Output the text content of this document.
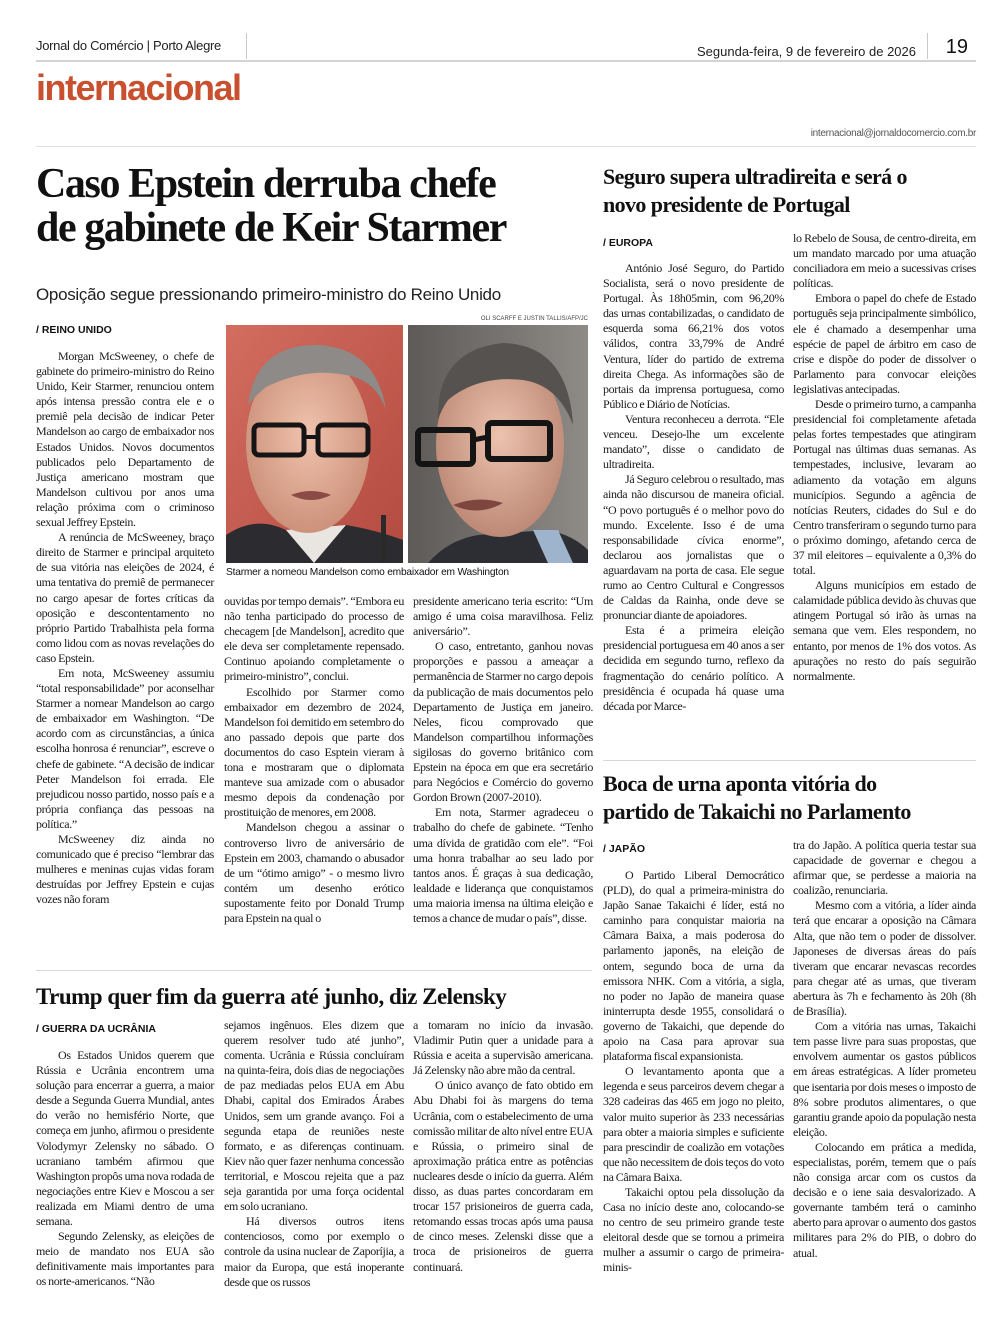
Jornal do Comércio | Porto Alegre	Segunda-feira, 9 de fevereiro de 2026 19
internacional
internacional@jornaldocomercio.com.br
Caso Epstein derruba chefe
de gabinete de Keir Starmer
Oposição segue pressionando primeiro-ministro do Reino Unido
/ REINO UNIDO
OLI SCARFF E JUSTIN TALLIS/AFP/JC
Starmer a nomeou Mandelson como embaixador em Washington

Morgan McSweeney, o chefe de gabinete do primeiro-ministro do Reino Unido, Keir Starmer, renunciou ontem após intensa pressão contra ele e o premiê pela decisão de indicar Peter Mandelson ao cargo de embaixador nos Estados Unidos. Novos documentos publicados pelo Departamento de Justiça americano mostram que Mandelson cultivou por anos uma relação próxima com o criminoso sexual Jeffrey Epstein.

A renúncia de McSweeney, braço direito de Starmer e principal arquiteto de sua vitória nas eleições de 2024, é uma tentativa do premiê de permanecer no cargo apesar de fortes críticas da oposição e descontentamento no próprio Partido Trabalhista pela forma como lidou com as novas revelações do caso Epstein.

Em nota, McSweeney assumiu “total responsabilidade” por aconselhar Starmer a nomear Mandelson ao cargo de embaixador em Washington. “De acordo com as circunstâncias, a única escolha honrosa é renunciar”, escreve o chefe de gabinete. “A decisão de indicar Peter Mandelson foi errada. Ele prejudicou nosso partido, nosso país e a própria confiança das pessoas na política.”

McSweeney diz ainda no comunicado que é preciso “lembrar das mulheres e meninas cujas vidas foram destruídas por Jeffrey Epstein e cujas vozes não foram

ouvidas por tempo demais”. “Embora eu não tenha participado do processo de checagem [de Mandelson], acredito que ele deva ser completamente repensado. Continuo apoiando completamente o primeiro-ministro”, conclui.

Escolhido por Starmer como embaixador em dezembro de 2024, Mandelson foi demitido em setembro do ano passado depois que parte dos documentos do caso Esptein vieram à tona e mostraram que o diplomata manteve sua amizade com o abusador mesmo depois da condenação por prostituição de menores, em 2008.

Mandelson chegou a assinar o controverso livro de aniversário de Epstein em 2003, chamando o abusador de um “ótimo amigo” - o mesmo livro contém um desenho erótico supostamente feito por Donald Trump para Epstein na qual o

presidente americano teria escrito: “Um amigo é uma coisa maravilhosa. Feliz aniversário”.

O caso, entretanto, ganhou novas proporções e passou a ameaçar a permanência de Starmer no cargo depois da publicação de mais documentos pelo Departamento de Justiça em janeiro. Neles, ficou comprovado que Mandelson compartilhou informações sigilosas do governo britânico com Epstein na época em que era secretário para Negócios e Comércio do governo Gordon Brown (2007-2010).

Em nota, Starmer agradeceu o trabalho do chefe de gabinete. “Tenho uma dívida de gratidão com ele”. “Foi uma honra trabalhar ao seu lado por tantos anos. É graças à sua dedicação, lealdade e liderança que conquistamos uma maioria imensa na última eleição e temos a chance de mudar o país”, disse.

Seguro supera ultradireita e será o
novo presidente de Portugal
/ EUROPA

António José Seguro, do Partido Socialista, será o novo presidente de Portugal. Às 18h05min, com 96,20% das urnas contabilizadas, o candidato de esquerda soma 66,21% dos votos válidos, contra 33,79% de André Ventura, líder do partido de extrema direita Chega. As informações são de portais da imprensa portuguesa, como Público e Diário de Notícias.

Ventura reconheceu a derrota. “Ele venceu. Desejo-lhe um excelente mandato”, disse o candidato de ultradireita.

Já Seguro celebrou o resultado, mas ainda não discursou de maneira oficial. “O povo português é o melhor povo do mundo. Excelente. Isso é de uma responsabilidade cívica enorme”, declarou aos jornalistas que o aguardavam na porta de casa. Ele segue rumo ao Centro Cultural e Congressos de Caldas da Rainha, onde deve se pronunciar diante de apoiadores.

Esta é a primeira eleição presidencial portuguesa em 40 anos a ser decidida em segundo turno, reflexo da fragmentação do cenário político. A presidência é ocupada há quase uma década por Marce-

lo Rebelo de Sousa, de centro-direita, em um mandato marcado por uma atuação conciliadora em meio a sucessivas crises políticas.

Embora o papel do chefe de Estado português seja principalmente simbólico, ele é chamado a desempenhar uma espécie de papel de árbitro em caso de crise e dispõe do poder de dissolver o Parlamento para convocar eleições legislativas antecipadas.

Desde o primeiro turno, a campanha presidencial foi completamente afetada pelas fortes tempestades que atingiram Portugal nas últimas duas semanas. As tempestades, inclusive, levaram ao adiamento da votação em alguns municípios. Segundo a agência de notícias Reuters, cidades do Sul e do Centro transferiram o segundo turno para o próximo domingo, afetando cerca de 37 mil eleitores – equivalente a 0,3% do total.

Alguns municípios em estado de calamidade pública devido às chuvas que atingem Portugal só irão às urnas na semana que vem. Eles respondem, no entanto, por menos de 1% dos votos. As apurações no resto do país seguirão normalmente.

Boca de urna aponta vitória do
partido de Takaichi no Parlamento
/ JAPÃO

O Partido Liberal Democrático (PLD), do qual a primeira-ministra do Japão Sanae Takaichi é líder, está no caminho para conquistar maioria na Câmara Baixa, a mais poderosa do parlamento japonês, na eleição de ontem, segundo boca de urna da emissora NHK. Com a vitória, a sigla, no poder no Japão de maneira quase ininterrupta desde 1955, consolidará o governo de Takaichi, que depende do apoio na Casa para aprovar sua plataforma fiscal expansionista.

O levantamento aponta que a legenda e seus parceiros devem chegar a 328 cadeiras das 465 em jogo no pleito, valor muito superior às 233 necessárias para obter a maioria simples e suficiente para prescindir de coalizão em votações que não necessitem de dois teços do voto na Câmara Baixa.

Takaichi optou pela dissolução da Casa no início deste ano, colocando-se no centro de seu primeiro grande teste eleitoral desde que se tornou a primeira mulher a assumir o cargo de primeira-minis-

tra do Japão. A política queria testar sua capacidade de governar e chegou a afirmar que, se perdesse a maioria na coalizão, renunciaria.

Mesmo com a vitória, a líder ainda terá que encarar a oposição na Câmara Alta, que não tem o poder de dissolver. Japoneses de diversas áreas do país tiveram que encarar nevascas recordes para chegar até as urnas, que tiveram abertura às 7h e fechamento às 20h (8h de Brasília).

Com a vitória nas urnas, Takaichi tem passe livre para suas propostas, que envolvem aumentar os gastos públicos em áreas estratégicas. A líder prometeu que isentaria por dois meses o imposto de 8% sobre produtos alimentares, o que garantiu grande apoio da população nesta eleição.

Colocando em prática a medida, especialistas, porém, temem que o país não consiga arcar com os custos da decisão e o iene saia desvalorizado. A governante também terá o caminho aberto para aprovar o aumento dos gastos militares para 2% do PIB, o dobro do atual.

Trump quer fim da guerra até junho, diz Zelensky
/ GUERRA DA UCRÂNIA

Os Estados Unidos querem que Rússia e Ucrânia encontrem uma solução para encerrar a guerra, a maior desde a Segunda Guerra Mundial, antes do verão no hemisfério Norte, que começa em junho, afirmou o presidente Volodymyr Zelensky no sábado. O ucraniano também afirmou que Washington propôs uma nova rodada de negociações entre Kiev e Moscou a ser realizada em Miami dentro de uma semana.

Segundo Zelensky, as eleições de meio de mandato nos EUA são definitivamente mais importantes para os norte-americanos. “Não

sejamos ingênuos. Eles dizem que querem resolver tudo até junho”, comenta. Ucrânia e Rússia concluíram na quinta-feira, dois dias de negociações de paz mediadas pelos EUA em Abu Dhabi, capital dos Emirados Árabes Unidos, sem um grande avanço. Foi a segunda etapa de reuniões neste formato, e as diferenças continuam. Kiev não quer fazer nenhuma concessão territorial, e Moscou rejeita que a paz seja garantida por uma força ocidental em solo ucraniano.

Há diversos outros itens contenciosos, como por exemplo o controle da usina nuclear de Zaporíjia, a maior da Europa, que está inoperante desde que os russos

a tomaram no início da invasão. Vladimir Putin quer a unidade para a Rússia e aceita a supervisão americana. Já Zelensky não abre mão da central.

O único avanço de fato obtido em Abu Dhabi foi às margens do tema Ucrânia, com o estabelecimento de uma comissão militar de alto nível entre EUA e Rússia, o primeiro sinal de aproximação prática entre as potências nucleares desde o início da guerra. Além disso, as duas partes concordaram em trocar 157 prisioneiros de guerra cada, retomando essas trocas após uma pausa de cinco meses. Zelenski disse que a troca de prisioneiros de guerra continuará.
